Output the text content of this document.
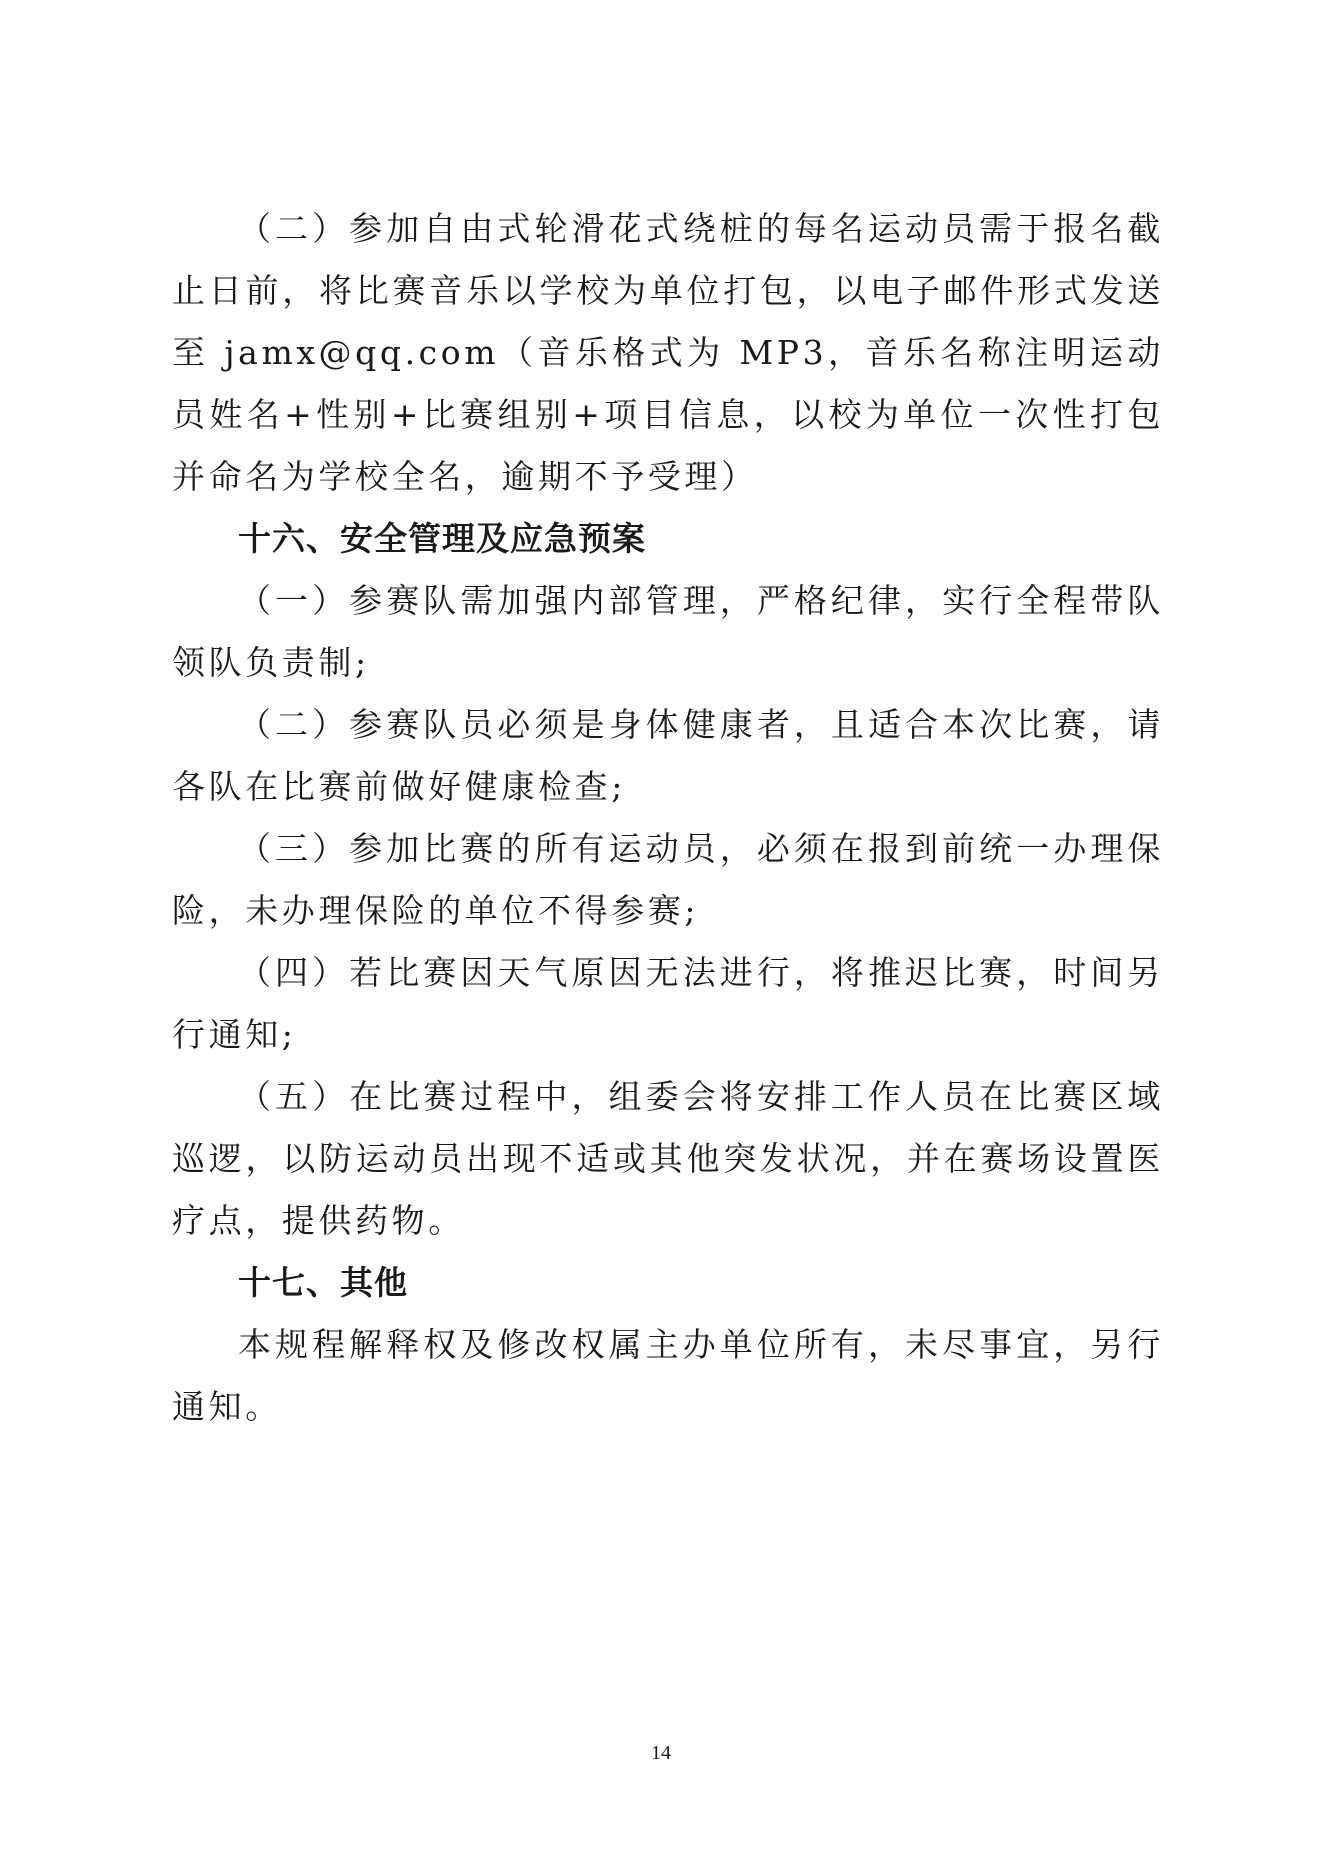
（二）参加自由式轮滑花式绕桩的每名运动员需于报名截止日前，将比赛音乐以学校为单位打包，以电子邮件形式发送至 jamx@qq.com（音乐格式为 MP3，音乐名称注明运动员姓名+性别+比赛组别+项目信息，以校为单位一次性打包并命名为学校全名，逾期不予受理）

十六、安全管理及应急预案

（一）参赛队需加强内部管理，严格纪律，实行全程带队领队负责制;

（二）参赛队员必须是身体健康者，且适合本次比赛，请各队在比赛前做好健康检查;

（三）参加比赛的所有运动员，必须在报到前统一办理保险，未办理保险的单位不得参赛;

（四）若比赛因天气原因无法进行，将推迟比赛，时间另行通知;

（五）在比赛过程中，组委会将安排工作人员在比赛区域巡逻，以防运动员出现不适或其他突发状况，并在赛场设置医疗点，提供药物。

十七、其他

本规程解释权及修改权属主办单位所有，未尽事宜，另行通知。

14
